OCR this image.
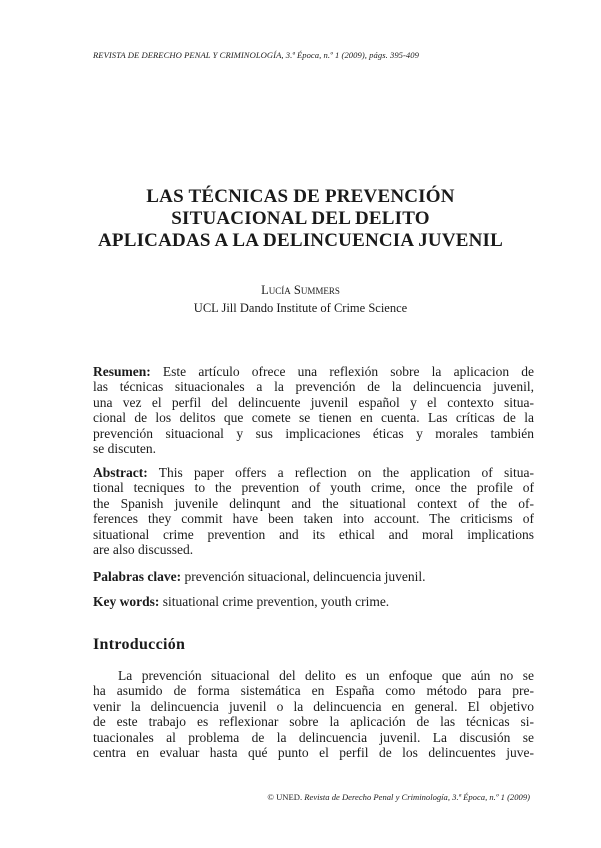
REVISTA DE DERECHO PENAL Y CRIMINOLOGÍA, 3.ª Época, n.º 1 (2009), págs. 395-409
LAS TÉCNICAS DE PREVENCIÓN
SITUACIONAL DEL DELITO
APLICADAS A LA DELINCUENCIA JUVENIL
Lucía Summers
UCL Jill Dando Institute of Crime Science
Resumen: Este artículo ofrece una reflexión sobre la aplicacion de
las técnicas situacionales a la prevención de la delincuencia juvenil,
una vez el perfil del delincuente juvenil español y el contexto situa-
cional de los delitos que comete se tienen en cuenta. Las críticas de la
prevención situacional y sus implicaciones éticas y morales también
se discuten.
Abstract: This paper offers a reflection on the application of situa-
tional tecniques to the prevention of youth crime, once the profile of
the Spanish juvenile delinqunt and the situational context of the of-
ferences they commit have been taken into account. The criticisms of
situational crime prevention and its ethical and moral implications
are also discussed.
Palabras clave: prevención situacional, delincuencia juvenil.
Key words: situational crime prevention, youth crime.
Introducción
La prevención situacional del delito es un enfoque que aún no se
ha asumido de forma sistemática en España como método para pre-
venir la delincuencia juvenil o la delincuencia en general. El objetivo
de este trabajo es reflexionar sobre la aplicación de las técnicas si-
tuacionales al problema de la delincuencia juvenil. La discusión se
centra en evaluar hasta qué punto el perfil de los delincuentes juve-
© UNED. Revista de Derecho Penal y Criminología, 3.ª Época, n.º 1 (2009)
